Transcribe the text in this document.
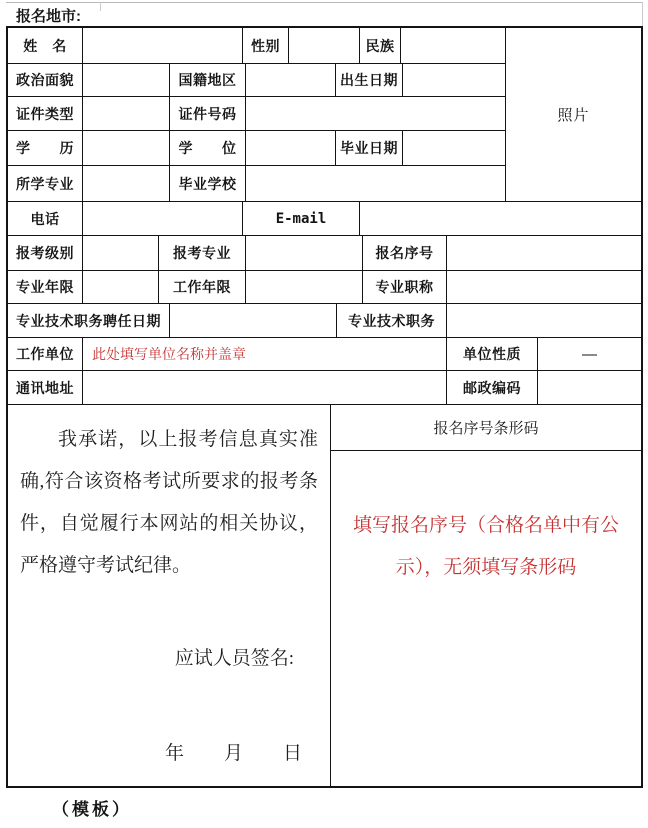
报名地市:
姓　名	性别	民族
政治面貌	国籍地区	出生日期
证件类型	证件号码
学　　历	学　　位	毕业日期
所学专业	毕业学校
照片
电话	E-mail
报考级别	报考专业	报名序号
专业年限	工作年限	专业职称
专业技术职务聘任日期	专业技术职务
工作单位	此处填写单位名称并盖章	单位性质	—
通讯地址	邮政编码

我承诺，以上报考信息真实准确,符合该资格考试所要求的报考条件，自觉履行本网站的相关协议，严格遵守考试纪律。

应试人员签名:
年 月 日
报名序号条形码
填写报名序号（合格名单中有公示），无须填写条形码
（模板）
